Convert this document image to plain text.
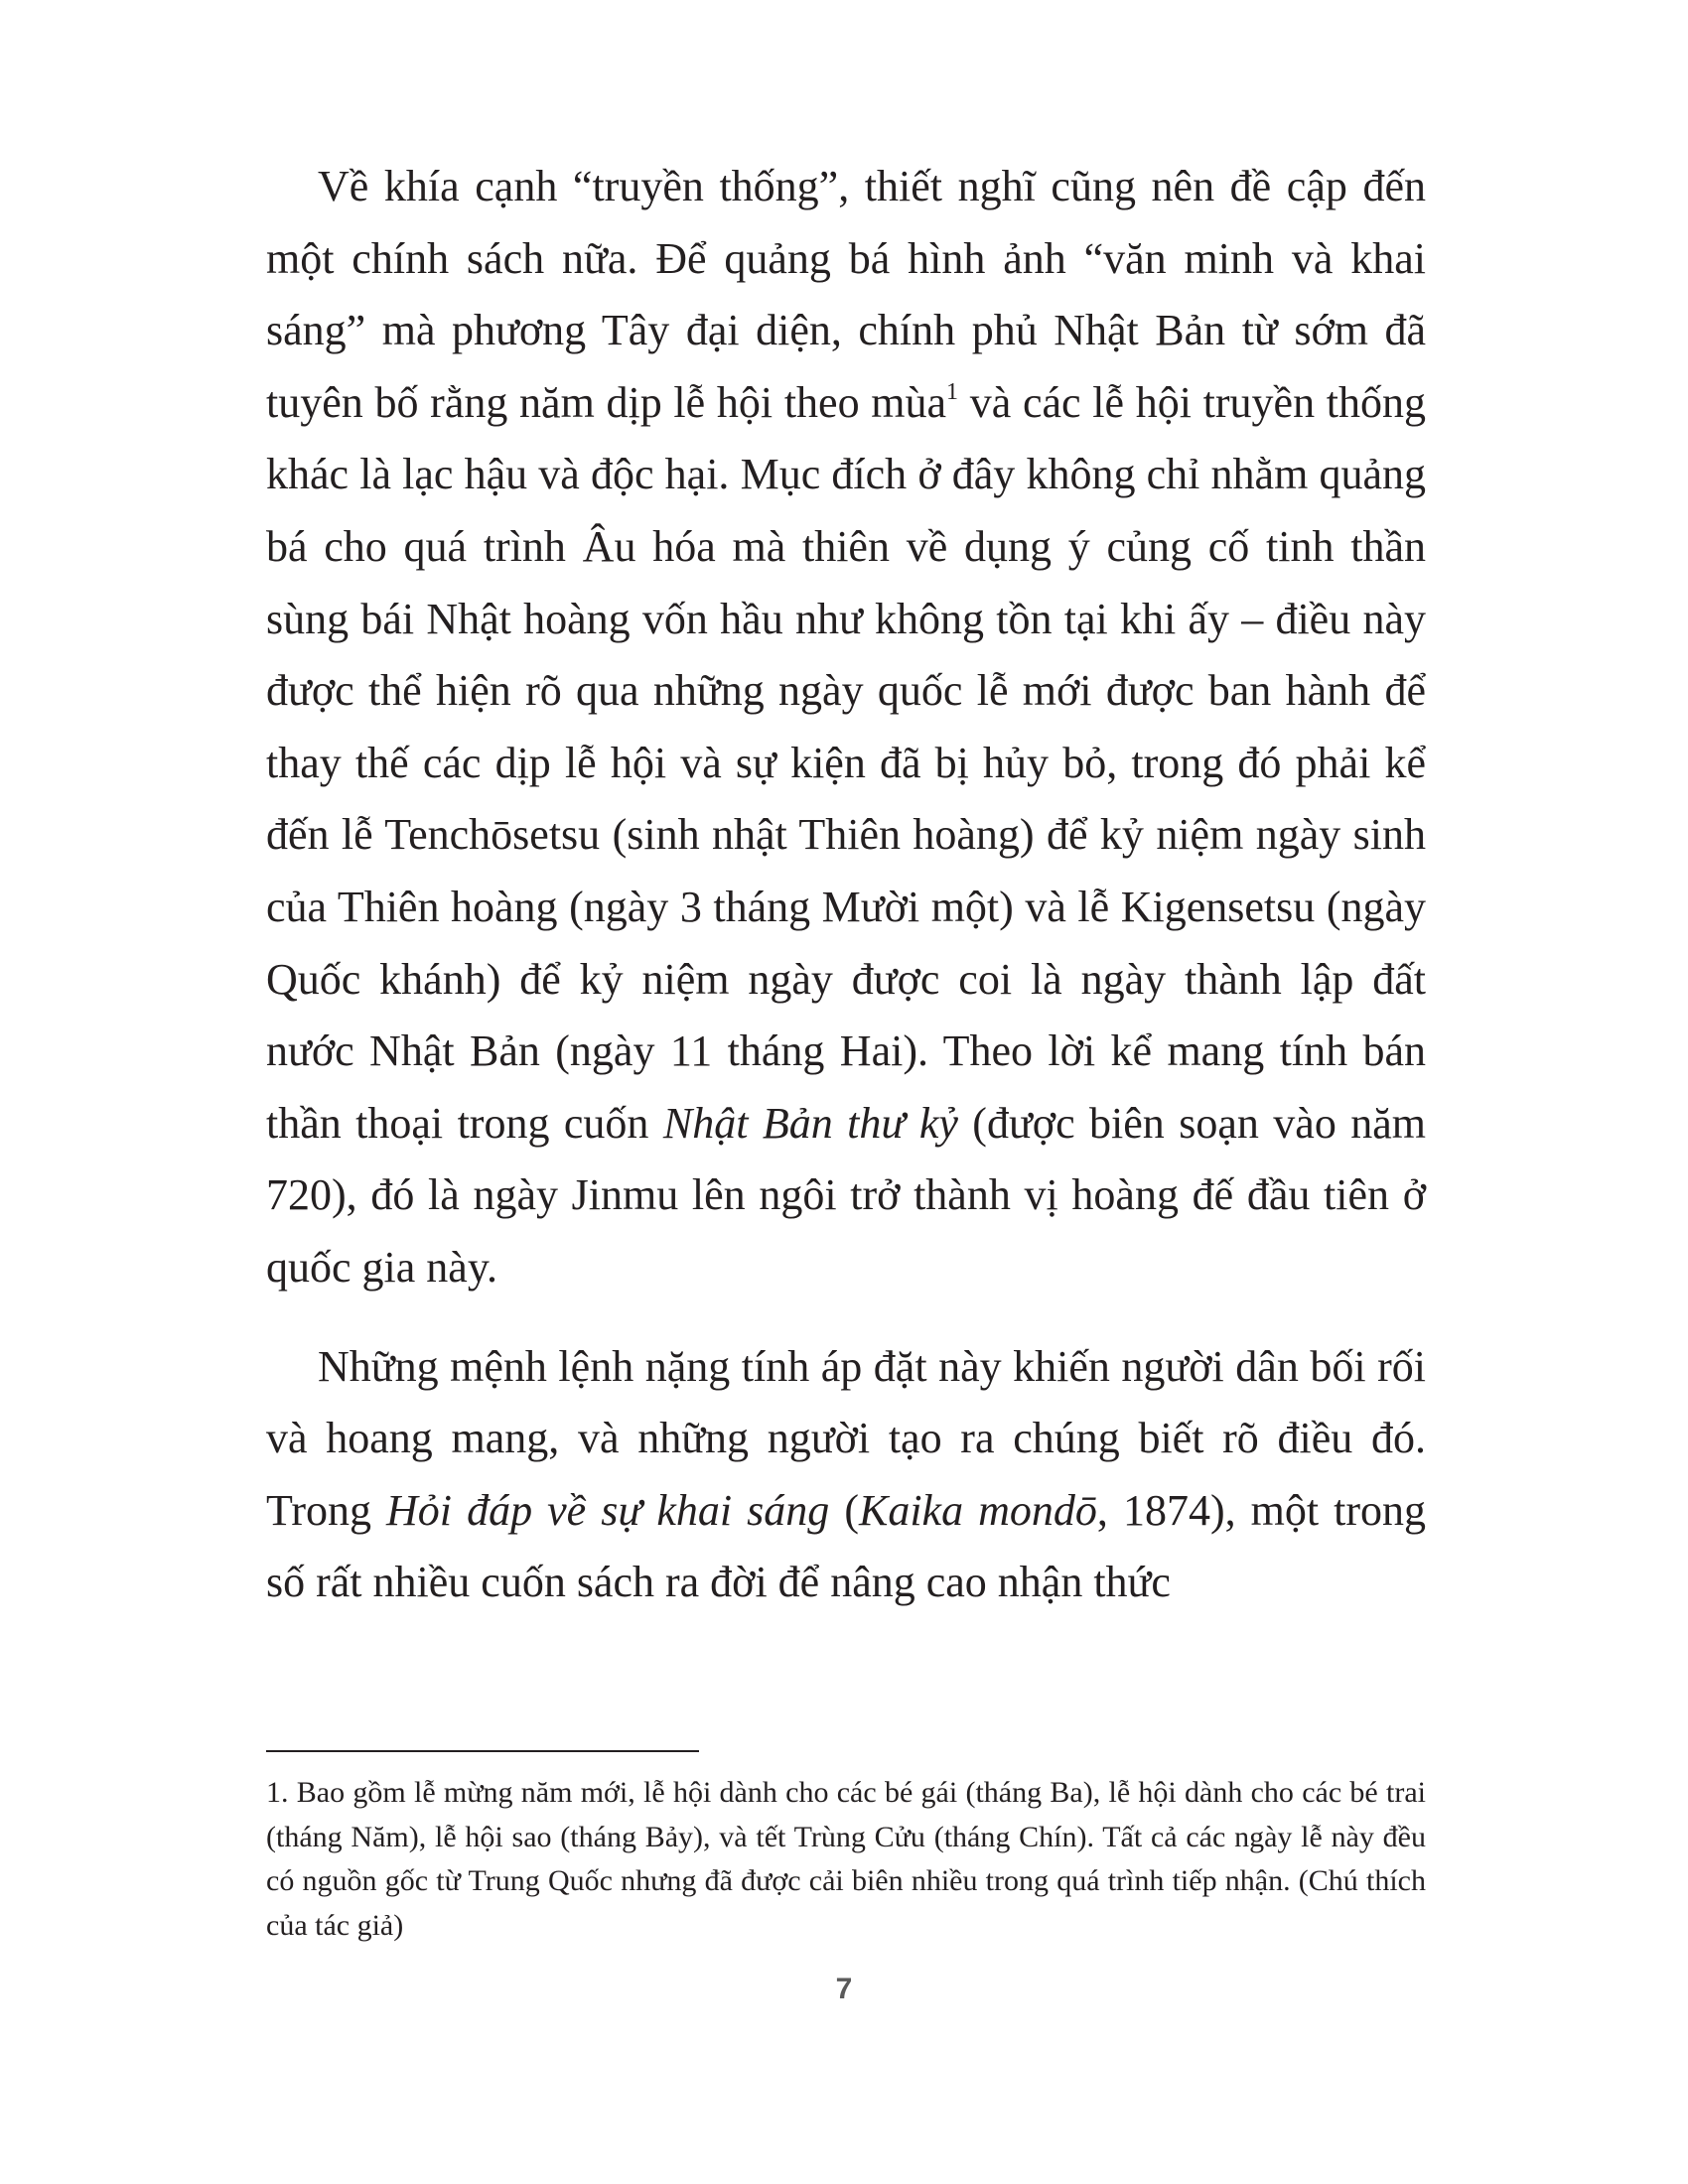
Về khía cạnh “truyền thống”, thiết nghĩ cũng nên đề cập đến một chính sách nữa. Để quảng bá hình ảnh “văn minh và khai sáng” mà phương Tây đại diện, chính phủ Nhật Bản từ sớm đã tuyên bố rằng năm dịp lễ hội theo mùa$^1$ và các lễ hội truyền thống khác là lạc hậu và độc hại. Mục đích ở đây không chỉ nhằm quảng bá cho quá trình Âu hóa mà thiên về dụng ý củng cố tinh thần sùng bái Nhật hoàng vốn hầu như không tồn tại khi ấy – điều này được thể hiện rõ qua những ngày quốc lễ mới được ban hành để thay thế các dịp lễ hội và sự kiện đã bị hủy bỏ, trong đó phải kể đến lễ Tenchōsetsu (sinh nhật Thiên hoàng) để kỷ niệm ngày sinh của Thiên hoàng (ngày 3 tháng Mười một) và lễ Kigensetsu (ngày Quốc khánh) để kỷ niệm ngày được coi là ngày thành lập đất nước Nhật Bản (ngày 11 tháng Hai). Theo lời kể mang tính bán thần thoại trong cuốn Nhật Bản thư kỷ (được biên soạn vào năm 720), đó là ngày Jinmu lên ngôi trở thành vị hoàng đế đầu tiên ở quốc gia này.

Những mệnh lệnh nặng tính áp đặt này khiến người dân bối rối và hoang mang, và những người tạo ra chúng biết rõ điều đó. Trong Hỏi đáp về sự khai sáng (Kaika mondō, 1874), một trong số rất nhiều cuốn sách ra đời để nâng cao nhận thức

1. Bao gồm lễ mừng năm mới, lễ hội dành cho các bé gái (tháng Ba), lễ hội dành cho các bé trai (tháng Năm), lễ hội sao (tháng Bảy), và tết Trùng Cửu (tháng Chín). Tất cả các ngày lễ này đều có nguồn gốc từ Trung Quốc nhưng đã được cải biên nhiều trong quá trình tiếp nhận. (Chú thích của tác giả)

7
